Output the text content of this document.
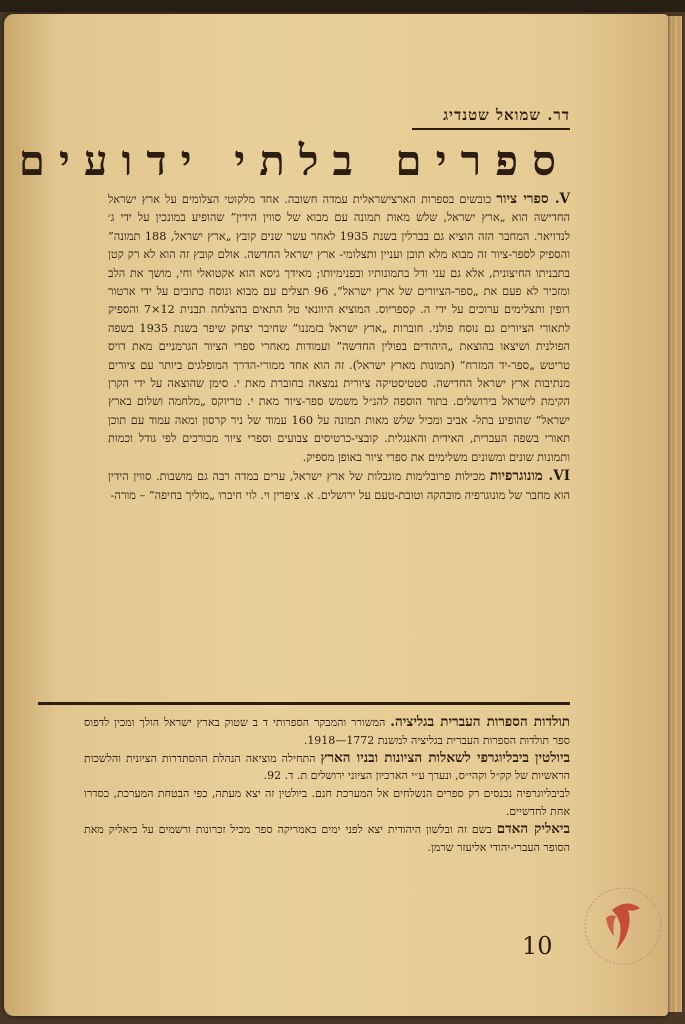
דר. שמואל שטנדיג
ספרים בלתי ידועים

V. ספרי ציור כובשים בספרות הארצישראלית עמדה חשובה. אחד מלקוטי הצלומים על ארץ ישראל החדישה הוא „ארץ ישראל, שלש מאות תמונה עם מבוא של סווין הידין” שהופיע במונכין על ידי ג׳ לנדויאר. המחבר הזה הוציא גם בברלין בשנת 1935 לאחר עשר שנים קובץ „ארץ ישראל, 188 תמונה” והספיק לספר-ציור זה מבוא מלא תוכן ועניין ותצלומי- ארץ ישראל החדשה. אולם קובץ זה הוא לא רק קטן בתבניתו החיצונית, אלא גם עני ודל בתמונותיו ובפנימיותו; מאידך גיסא הוא אקטואלי וחי, מושך את הלב ומזכיר לא פעם את „ספר-הציורים של ארץ ישראל”, 96 תצלים עם מבוא ונוסח כתובים על ידי ארטור רופין ותצלימים ערוכים על ידי ה. קספריוס. המוציא היוונאי טל התאים בהצלחה תבנית 12×7 והספיק לתאורי הציורים גם נוסח פולני. חוברות „ארץ ישראל בזמננו” שחיבר יצחק שיפר בשנת 1935 בשפה הפולנית ושיצאו בהוצאת „היהודים בפולין החדשה” ועמודות מאחרי ספרי הציור הגרמניים מאת דויס טריטש „ספר-יד המזרח” (תמונות מארץ ישראל). זה הוא אחד ממורי-הדרך המופלגים ביותר עם ציורים מנתיבות ארץ ישראל החדישה. סטטיסטיקה ציורית נמצאה בחוברת מאת י. סימן שהוצאה על ידי הקרן הקימת לישראל בירושלים. בתור הוספה להנ״ל משמש ספר-ציור מאת י. טריוקס „מלחמה ושלום בארץ ישראל” שהופיע בתל- אביב ומכיל שלש מאות תמונה על 160 עמוד של ניר קרסון ומאה עמוד עם תוכן תאורי בשפה העברית, האידית והאנגלית. קובצי-כרטיסים צבועים וספרי ציור מכורכים לפי גודל וכמות ותמונות שונים ומשונים משלימים את ספרי ציור באופן מספיק.

VI. מונוגרפיות מכילות פרובלימות מוגבלות של ארץ ישראל, ערים במדה רבה גם מושבות. סווין הידין הוא מחבר של מונוגרפיה מובהקה וטובת-טעם על ירושלים. א. ציפרין וי. לוי חיברו „מוליך בחיפה” – מורה-

תולדות הספרות העברית בגליציה. המשורר והמבקר הספרותי ד ב שטוק בארץ ישראל הולך ומכין לדפוס ספר תולדות הספרות העברית בגליציה למשנת 1772—1918.

ביולטין ביבליוגרפי לשאלות הציונות ובניו הארץ התחילה מוציאה הנהלת ההסתדרות הציונית והלשכות הראשיות של קק״ל וקהי״ס, ונערך ע״י הארכיון הציוני ירושלים ת. ד. 92.

לביבליוגרפיה נכנסים רק ספרים הנשלחים אל המערכת חנם. ביולטין זה יצא מעתה, כפי הבטחת המערכת, כסדרו אחת לחדשיים.

ביאליק האדם בשם זה ובלשון היהודית יצא לפני ימים באמריקה ספר מכיל זכרונות ורשמים על ביאליק מאת הסופר העברי-יהודי אליעזר שרמן.

10
